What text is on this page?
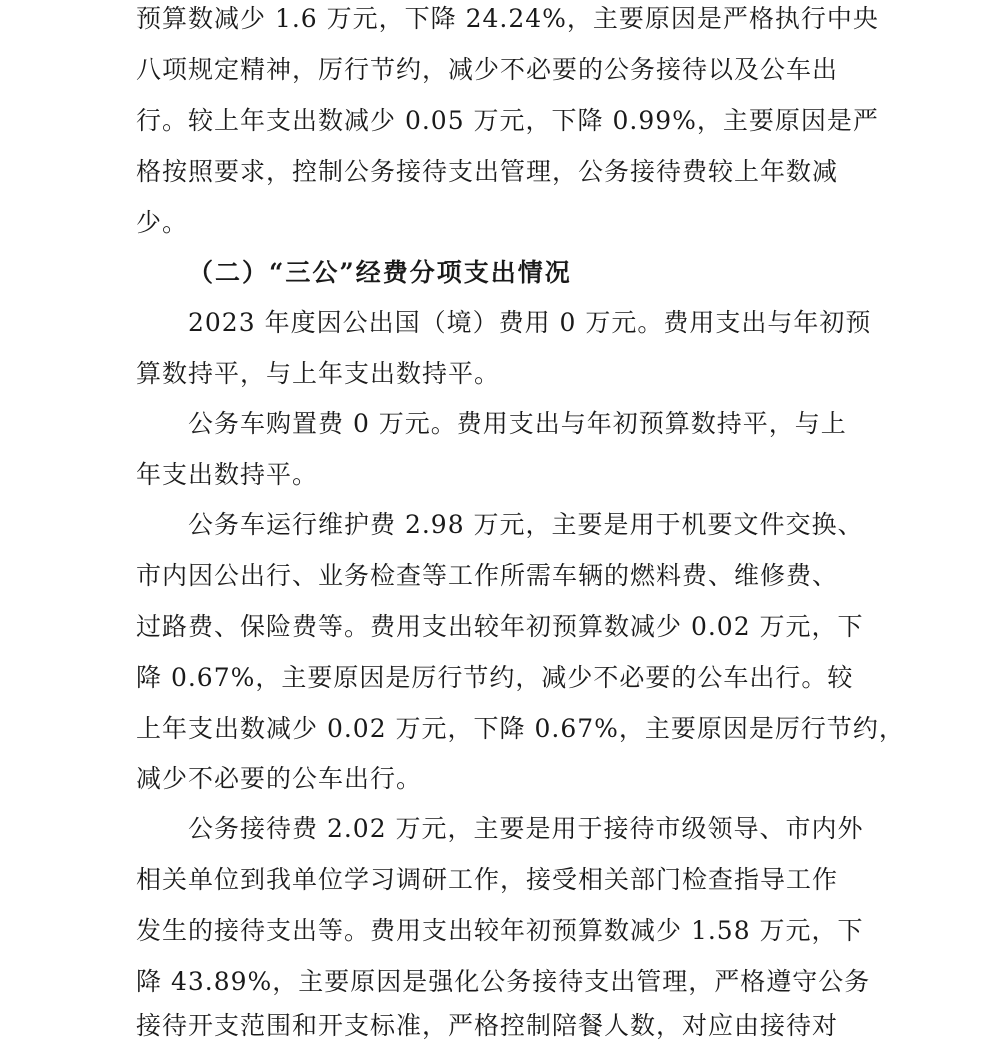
预算数减少 1.6 万元，下降 24.24%，主要原因是严格执行中央
八项规定精神，厉行节约，减少不必要的公务接待以及公车出
行。较上年支出数减少 0.05 万元，下降 0.99%，主要原因是严
格按照要求，控制公务接待支出管理，公务接待费较上年数减
少。
（二）“三公”经费分项支出情况
2023 年度因公出国（境）费用 0 万元。费用支出与年初预
算数持平，与上年支出数持平。
公务车购置费 0 万元。费用支出与年初预算数持平，与上
年支出数持平。
公务车运行维护费 2.98 万元，主要是用于机要文件交换、
市内因公出行、业务检查等工作所需车辆的燃料费、维修费、
过路费、保险费等。费用支出较年初预算数减少 0.02 万元，下
降 0.67%，主要原因是厉行节约，减少不必要的公车出行。较
上年支出数减少 0.02 万元，下降 0.67%，主要原因是厉行节约，
减少不必要的公车出行。
公务接待费 2.02 万元，主要是用于接待市级领导、市内外
相关单位到我单位学习调研工作，接受相关部门检查指导工作
发生的接待支出等。费用支出较年初预算数减少 1.58 万元，下
降 43.89%，主要原因是强化公务接待支出管理，严格遵守公务
接待开支范围和开支标准，严格控制陪餐人数，对应由接待对
